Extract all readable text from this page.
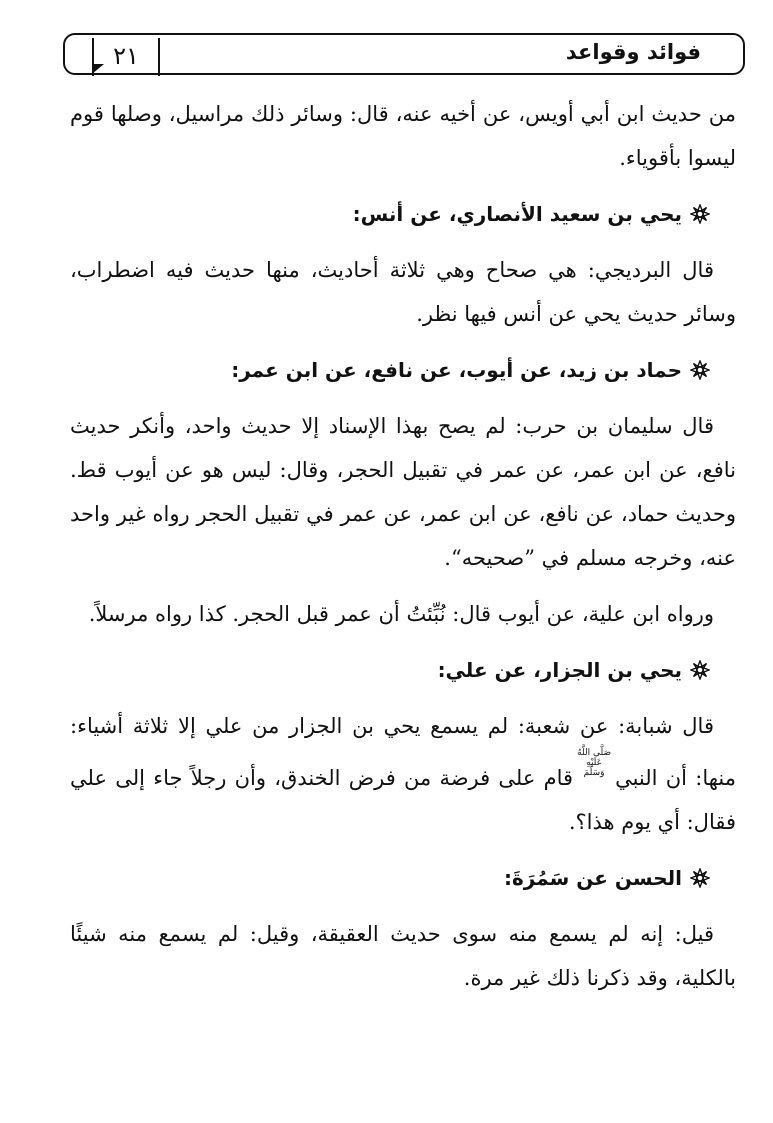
فوائد وقواعد
٢١

من حديث ابن أبي أويس، عن أخيه عنه، قال: وسائر ذلك مراسيل، وصلها قوم ليسوا بأقوياء.

يحي بن سعيد الأنصاري، عن أنس:

قال البرديجي: هي صحاح وهي ثلاثة أحاديث، منها حديث فيه اضطراب، وسائر حديث يحي عن أنس فيها نظر.

حماد بن زيد، عن أيوب، عن نافع، عن ابن عمر:

قال سليمان بن حرب: لم يصح بهذا الإسناد إلا حديث واحد، وأنكر حديث نافع، عن ابن عمر، عن عمر في تقبيل الحجر، وقال: ليس هو عن أيوب قط. وحديث حماد، عن نافع، عن ابن عمر، عن عمر في تقبيل الحجر رواه غير واحد عنه، وخرجه مسلم في ”صحيحه“.

ورواه ابن علية، عن أيوب قال: نُبِّئتُ أن عمر قبل الحجر. كذا رواه مرسلاً.

يحي بن الجزار، عن علي:

قال شبابة: عن شعبة: لم يسمع يحي بن الجزار من علي إلا ثلاثة أشياء: منها: أن النبيصَلَّى اللَّهُ عَلَيْهِ وَسَلَّمَقام على فرضة من فرض الخندق، وأن رجلاً جاء إلى علي فقال: أي يوم هذا؟.

الحسن عن سَمُرَةَ:

قيل: إنه لم يسمع منه سوى حديث العقيقة، وقيل: لم يسمع منه شيئًا بالكلية، وقد ذكرنا ذلك غير مرة.
